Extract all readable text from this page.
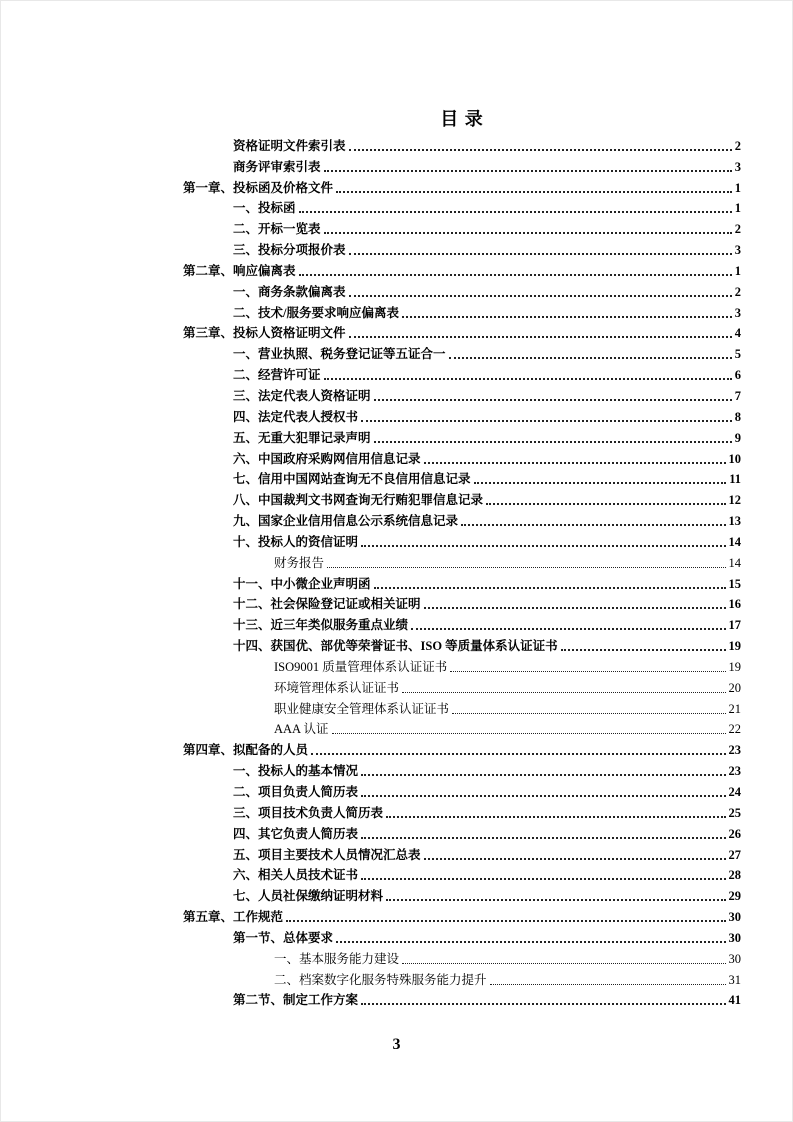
目 录
资格证明文件索引表	2
商务评审索引表	3
第一章、投标函及价格文件	1
一、投标函	1
二、开标一览表	2
三、投标分项报价表	3
第二章、响应偏离表	1
一、商务条款偏离表	2
二、技术/服务要求响应偏离表	3
第三章、投标人资格证明文件	4
一、营业执照、税务登记证等五证合一	5
二、经营许可证	6
三、法定代表人资格证明	7
四、法定代表人授权书	8
五、无重大犯罪记录声明	9
六、中国政府采购网信用信息记录	10
七、信用中国网站查询无不良信用信息记录	11
八、中国裁判文书网查询无行贿犯罪信息记录	12
九、国家企业信用信息公示系统信息记录	13
十、投标人的资信证明	14
财务报告	14
十一、中小微企业声明函	15
十二、社会保险登记证或相关证明	16
十三、近三年类似服务重点业绩	17
十四、获国优、部优等荣誉证书、ISO 等质量体系认证证书	19
ISO9001 质量管理体系认证证书	19
环境管理体系认证证书	20
职业健康安全管理体系认证证书	21
AAA 认证	22
第四章、拟配备的人员	23
一、投标人的基本情况	23
二、项目负责人简历表	24
三、项目技术负责人简历表	25
四、其它负责人简历表	26
五、项目主要技术人员情况汇总表	27
六、相关人员技术证书	28
七、人员社保缴纳证明材料	29
第五章、工作规范	30
第一节、总体要求	30
一、基本服务能力建设	30
二、档案数字化服务特殊服务能力提升	31
第二节、制定工作方案	41
3
